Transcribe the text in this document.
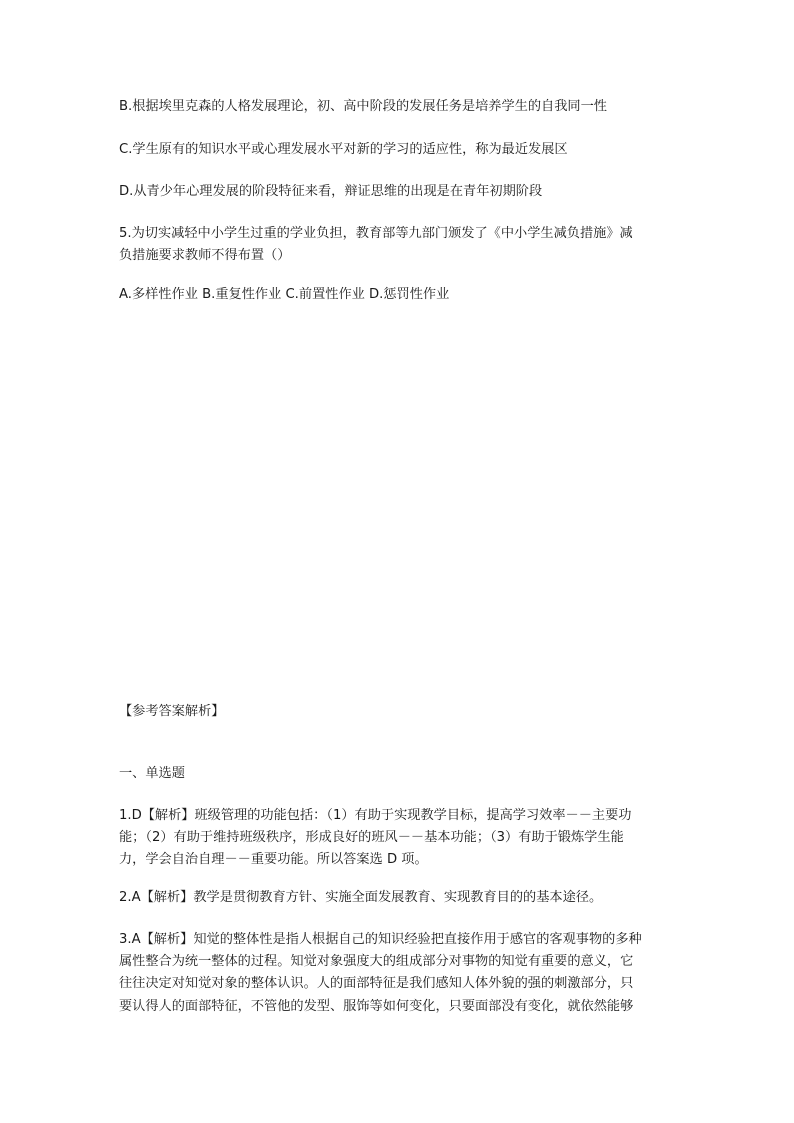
B.根据埃里克森的人格发展理论，初、高中阶段的发展任务是培养学生的自我同一性

C.学生原有的知识水平或心理发展水平对新的学习的适应性，称为最近发展区

D.从青少年心理发展的阶段特征来看，辩证思维的出现是在青年初期阶段

5.为切实减轻中小学生过重的学业负担，教育部等九部门颁发了《中小学生减负措施》减
负措施要求教师不得布置（）

A.多样性作业 B.重复性作业 C.前置性作业 D.惩罚性作业

【参考答案解析】

一、单选题

1.D【解析】班级管理的功能包括：（1）有助于实现教学目标，提高学习效率－－主要功
能；（2）有助于维持班级秩序，形成良好的班风－－基本功能；（3）有助于锻炼学生能
力，学会自治自理－－重要功能。所以答案选 D 项。

2.A【解析】教学是贯彻教育方针、实施全面发展教育、实现教育目的的基本途径。

3.A【解析】知觉的整体性是指人根据自己的知识经验把直接作用于感官的客观事物的多种
属性整合为统一整体的过程。知觉对象强度大的组成部分对事物的知觉有重要的意义，它
往往决定对知觉对象的整体认识。人的面部特征是我们感知人体外貌的强的刺激部分，只
要认得人的面部特征，不管他的发型、服饰等如何变化，只要面部没有变化，就依然能够
